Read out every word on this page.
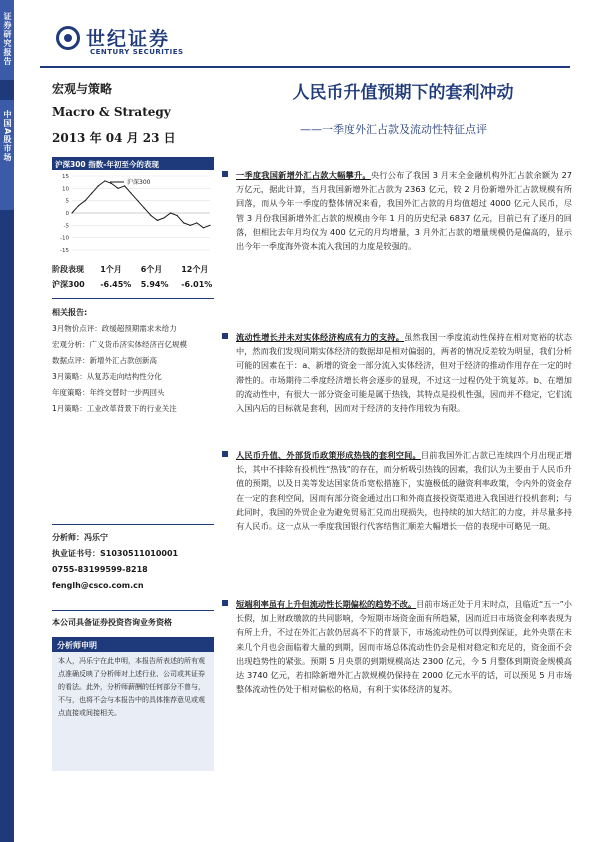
证券研究报告
中国A股市场
世纪证券
CENTURY SECURITIES
宏观与策略
Macro & Strategy
2013 年 04 月 23 日
人民币升值预期下的套利冲动
——一季度外汇占款及流动性特征点评
沪深300 指数-年初至今的表现
15
10
5
0
-5
-10
-15
沪深300
阶段表现	1个月	6个月	12个月
沪深300	-6.45%	5.94%	-6.01%
相关报告:
3月物价点评：政缓超预期需求未给力
宏观分析：广义货币济实体经济百亿规模
数据点评：新增外汇占款创新高
3月策略：从复苏走向结构性分化
年度策略：年终交替时一步两回头
1月策略：工业改革背景下的行业关注
分析师：冯乐宁
执业证书号：S1030511010001
0755-83199599-8218
fenglh@csco.com.cn
本公司具备证券投资咨询业务资格
分析师申明
本人，冯乐宁在此申明，本报告所表述的所有观点准确反映了分析师对上述行业、公司或其证券的看法。此外，分析师薪酬的任何部分不曾与，不与，也将不会与本报告中的具体推荐意见或观点直接或间接相关。
一季度我国新增外汇占款大幅攀升。央行公布了我国 3 月末全金融机构外汇占款余额为 27 万亿元，据此计算，当月我国新增外汇占款为 2363 亿元，较 2 月份新增外汇占款规模有所回落，而从今年一季度的整体情况来看，我国外汇占款的月均值超过 4000 亿元人民币，尽管 3 月份我国新增外汇占款的规模由今年 1 月的历史纪录 6837 亿元，目前已有了逐月的回落，但相比去年月均仅为 400 亿元的月均增量，3 月外汇占款的增量规模仍是偏高的，显示出今年一季度海外资本流入我国的力度是较强的。
流动性增长并未对实体经济构成有力的支持。虽然我国一季度流动性保持在相对宽裕的状态中，然而我们发现同期实体经济的数据却是相对偏弱的，两者的情况反差较为明显，我们分析可能的因素在于：a、新增的资金一部分流入实体经济，但对于经济的推动作用存在一定的时滞性的。市场期待二季度经济增长将会逐步的显现，不过这一过程仍处于筑复苏。b、在增加的流动性中，有很大一部分资金可能是属于热钱，其特点是投机性强，因而并不稳定，它们流入国内后的目标就是套利，因而对于经济的支持作用较为有限。
人民币升值、外部货币政策形成热钱的套利空间。目前我国外汇占款已连续四个月出现正增长，其中不排除有投机性“热钱”的存在，而分析吸引热钱的因素，我们认为主要由于人民币升值的预期，以及日美等发达国家货币宽松措施下，实施极低的融资利率政策，令内外的资金存在一定的套利空间，因而有部分资金通过出口和外商直接投资渠道进入我国进行投机套利；与此同时，我国的外贸企业为避免贸易汇兑而出现损失，也持续的加大结汇的力度，并尽量多持有人民币。这一点从一季度我国银行代客结售汇顺差大幅增长一倍的表现中可略见一斑。
短端利率虽有上升但流动性长期偏松的趋势不改。目前市场正处于月末时点，且临近“五一”小长假，加上财政缴款的共同影响，令短期市场资金面有所趋紧，因而近日市场资金利率表现为有所上升，不过在外汇占款仍居高不下的背景下，市场流动性仍可以得到保证，此外央票在未来几个月也会面临着大量的到期，因而市场总体流动性仍会是相对稳定和充足的，资金面不会出现趋势性的紧张。预期 5 月央票的到期规模高达 2300 亿元，今 5 月整体到期资金规模高达 3740 亿元，若扣除新增外汇占款规模仍保持在 2000 亿元水平的话，可以预见 5 月市场整体流动性仍处于相对偏松的格局，有利于实体经济的复苏。
